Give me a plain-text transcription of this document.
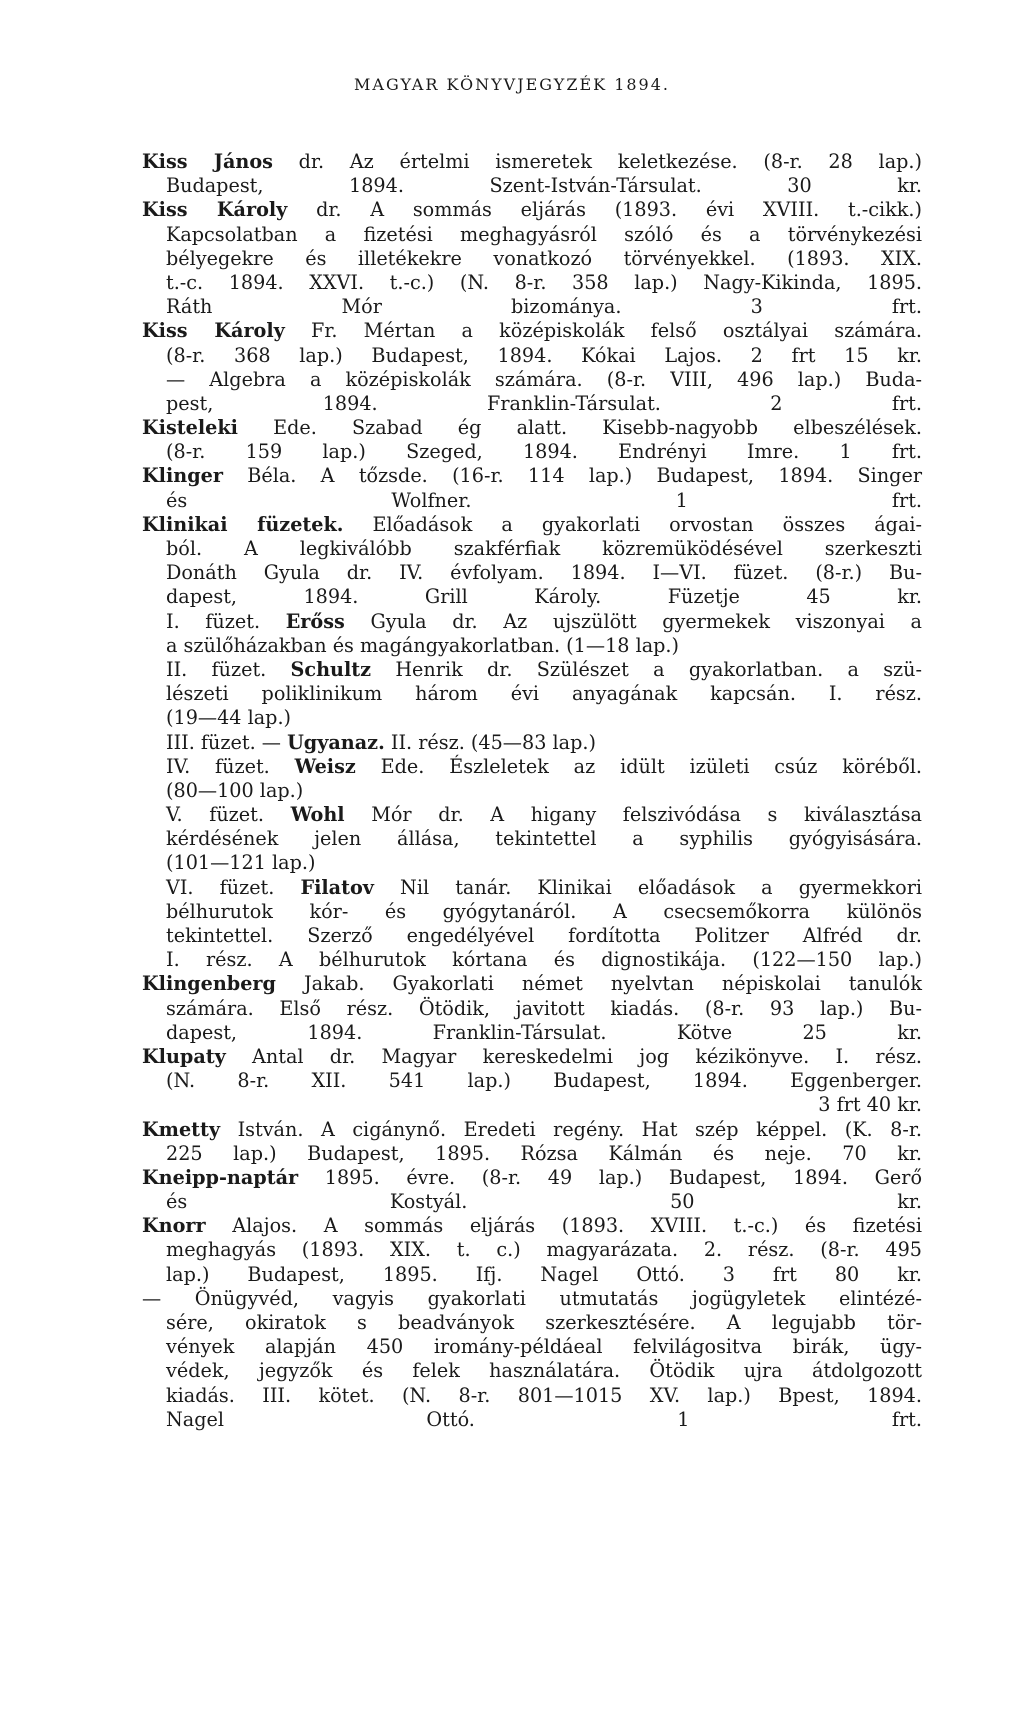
MAGYAR KÖNYVJEGYZÉK 1894.
Kiss János dr. Az értelmi ismeretek keletkezése. (8-r. 28 lap.)
Budapest, 1894. Szent-István-Társulat. 30 kr.
Kiss Károly dr. A sommás eljárás (1893. évi XVIII. t.-cikk.)
Kapcsolatban a fizetési meghagyásról szóló és a törvénykezési
bélyegekre és illetékekre vonatkozó törvényekkel. (1893. XIX.
t.-c. 1894. XXVI. t.-c.) (N. 8-r. 358 lap.) Nagy-Kikinda, 1895.
Ráth Mór bizománya. 3 frt.
Kiss Károly Fr. Mértan a középiskolák felső osztályai számára.
(8-r. 368 lap.) Budapest, 1894. Kókai Lajos. 2 frt 15 kr.
— Algebra a középiskolák számára. (8-r. VIII, 496 lap.) Buda-
pest, 1894. Franklin-Társulat. 2 frt.
Kisteleki Ede. Szabad ég alatt. Kisebb-nagyobb elbeszélések.
(8-r. 159 lap.) Szeged, 1894. Endrényi Imre. 1 frt.
Klinger Béla. A tőzsde. (16-r. 114 lap.) Budapest, 1894. Singer
és Wolfner. 1 frt.
Klinikai füzetek. Előadások a gyakorlati orvostan összes ágai-
ból. A legkiválóbb szakférfiak közremüködésével szerkeszti
Donáth Gyula dr. IV. évfolyam. 1894. I—VI. füzet. (8-r.) Bu-
dapest, 1894. Grill Károly. Füzetje 45 kr.
I. füzet. Erőss Gyula dr. Az ujszülött gyermekek viszonyai a
a szülőházakban és magángyakorlatban. (1—18 lap.)
II. füzet. Schultz Henrik dr. Szülészet a gyakorlatban. a szü-
lészeti poliklinikum három évi anyagának kapcsán. I. rész.
(19—44 lap.)
III. füzet. — Ugyanaz. II. rész. (45—83 lap.)
IV. füzet. Weisz Ede. Észleletek az idült izületi csúz köréből.
(80—100 lap.)
V. füzet. Wohl Mór dr. A higany felszivódása s kiválasztása
kérdésének jelen állása, tekintettel a syphilis gyógyisására.
(101—121 lap.)
VI. füzet. Filatov Nil tanár. Klinikai előadások a gyermekkori
bélhurutok kór- és gyógytanáról. A csecsemőkorra különös
tekintettel. Szerző engedélyével fordította Politzer Alfréd dr.
I. rész. A bélhurutok kórtana és dignostikája. (122—150 lap.)
Klingenberg Jakab. Gyakorlati német nyelvtan népiskolai tanulók
számára. Első rész. Ötödik, javitott kiadás. (8-r. 93 lap.) Bu-
dapest, 1894. Franklin-Társulat. Kötve 25 kr.
Klupaty Antal dr. Magyar kereskedelmi jog kézikönyve. I. rész.
(N. 8-r. XII. 541 lap.) Budapest, 1894. Eggenberger.
3 frt 40 kr.
Kmetty István. A cigánynő. Eredeti regény. Hat szép képpel. (K. 8-r.
225 lap.) Budapest, 1895. Rózsa Kálmán és neje. 70 kr.
Kneipp-naptár 1895. évre. (8-r. 49 lap.) Budapest, 1894. Gerő
és Kostyál. 50 kr.
Knorr Alajos. A sommás eljárás (1893. XVIII. t.-c.) és fizetési
meghagyás (1893. XIX. t. c.) magyarázata. 2. rész. (8-r. 495
lap.) Budapest, 1895. Ifj. Nagel Ottó. 3 frt 80 kr.
— Önügyvéd, vagyis gyakorlati utmutatás jogügyletek elintézé-
sére, okiratok s beadványok szerkesztésére. A legujabb tör-
vények alapján 450 iromány-példáeal felvilágositva birák, ügy-
védek, jegyzők és felek használatára. Ötödik ujra átdolgozott
kiadás. III. kötet. (N. 8-r. 801—1015 XV. lap.) Bpest, 1894.
Nagel Ottó. 1 frt.
